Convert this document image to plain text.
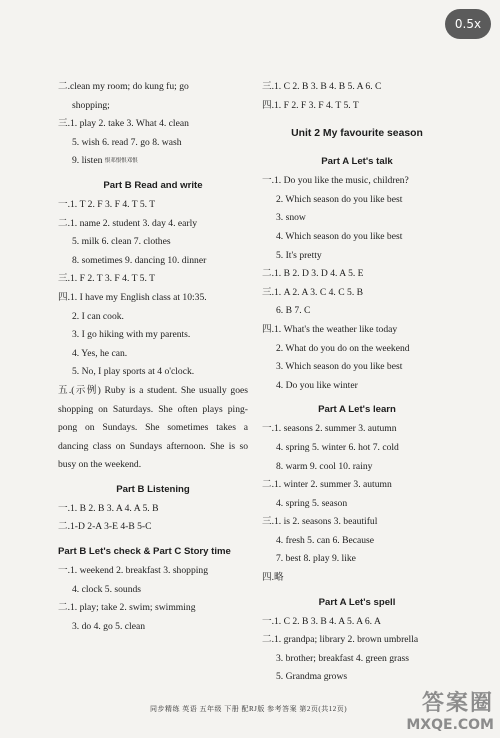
0.5x
二.clean my room; do kung fu; go
shopping;
三.1. play 2. take 3. What 4. clean
5. wish 6. read 7. go 8. wash
9. listen 恨邓恨恨邓恨
Part B Read and write
一.1. T 2. F 3. F 4. T 5. T
二.1. name 2. student 3. day 4. early
5. milk 6. clean 7. clothes
8. sometimes 9. dancing 10. dinner
三.1. F 2. T 3. F 4. T 5. T
四.1. I have my English class at 10:35.
2. I can cook.
3. I go hiking with my parents.
4. Yes, he can.
5. No, I play sports at 4 o'clock.
五.(示例) Ruby is a student. She usually goes shopping on Saturdays. She often plays ping-pong on Sundays. She sometimes takes a dancing class on Sundays afternoon. She is so busy on the weekend.
Part B Listening
一.1. B 2. B 3. A 4. A 5. B
二.1-D 2-A 3-E 4-B 5-C
Part B Let's check & Part C Story time
一.1. weekend 2. breakfast 3. shopping
4. clock 5. sounds
二.1. play; take 2. swim; swimming
3. do 4. go 5. clean
三.1. C 2. B 3. B 4. B 5. A 6. C
四.1. F 2. F 3. F 4. T 5. T
Unit 2 My favourite season
Part A Let's talk
一.1. Do you like the music, children?
2. Which season do you like best
3. snow
4. Which season do you like best
5. It's pretty
二.1. B 2. D 3. D 4. A 5. E
三.1. A 2. A 3. C 4. C 5. B
6. B 7. C
四.1. What's the weather like today
2. What do you do on the weekend
3. Which season do you like best
4. Do you like winter
Part A Let's learn
一.1. seasons 2. summer 3. autumn
4. spring 5. winter 6. hot 7. cold
8. warm 9. cool 10. rainy
二.1. winter 2. summer 3. autumn
4. spring 5. season
三.1. is 2. seasons 3. beautiful
4. fresh 5. can 6. Because
7. best 8. play 9. like
四.略
Part A Let's spell
一.1. C 2. B 3. B 4. A 5. A 6. A
二.1. grandpa; library 2. brown umbrella
3. brother; breakfast 4. green grass
5. Grandma grows
同步精练 英语 五年级 下册 配RJ版 参考答案 第2页(共12页)	答案圈
MXQE.COM
